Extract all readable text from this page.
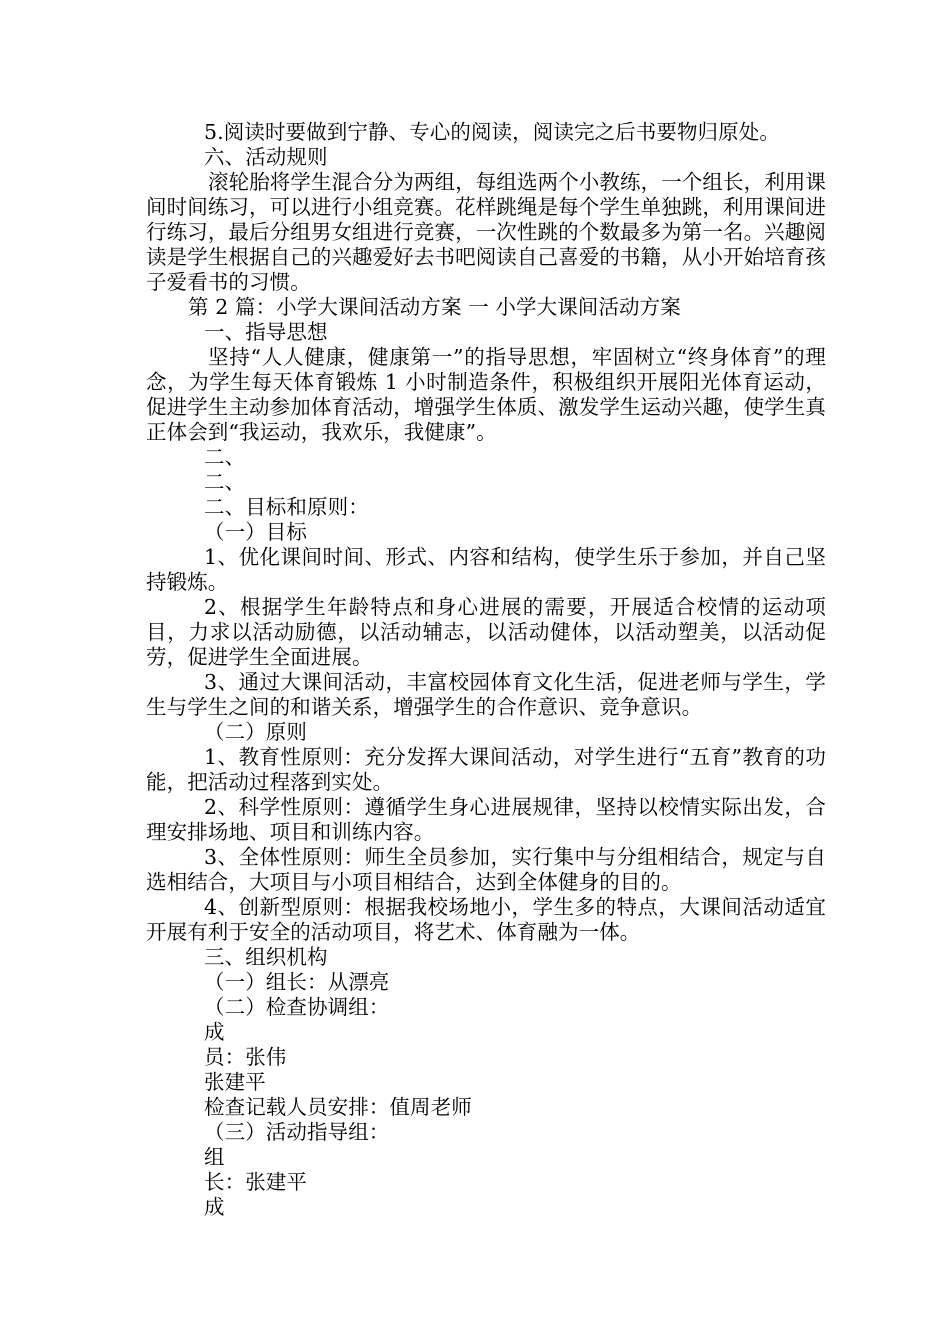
5.阅读时要做到宁静、专心的阅读，阅读完之后书要物归原处。

六、活动规则

滚轮胎将学生混合分为两组，每组选两个小教练，一个组长，利用课间时间练习，可以进行小组竞赛。花样跳绳是每个学生单独跳，利用课间进行练习，最后分组男女组进行竞赛，一次性跳的个数最多为第一名。兴趣阅读是学生根据自己的兴趣爱好去书吧阅读自己喜爱的书籍，从小开始培育孩子爱看书的习惯。

第 2 篇：小学大课间活动方案 一 小学大课间活动方案

一、指导思想

坚持“人人健康，健康第一”的指导思想，牢固树立“终身体育”的理念，为学生每天体育锻炼 1 小时制造条件，积极组织开展阳光体育运动，促进学生主动参加体育活动，增强学生体质、激发学生运动兴趣，使学生真正体会到“我运动，我欢乐，我健康”。

二、

二、

二、目标和原则：

（一）目标

1、优化课间时间、形式、内容和结构，使学生乐于参加，并自己坚持锻炼。

2、根据学生年龄特点和身心进展的需要，开展适合校情的运动项目，力求以活动励德，以活动辅志，以活动健体，以活动塑美，以活动促劳，促进学生全面进展。

3、通过大课间活动，丰富校园体育文化生活，促进老师与学生，学生与学生之间的和谐关系，增强学生的合作意识、竞争意识。

（二）原则

1、教育性原则：充分发挥大课间活动，对学生进行“五育”教育的功能，把活动过程落到实处。

2、科学性原则：遵循学生身心进展规律，坚持以校情实际出发，合理安排场地、项目和训练内容。

3、全体性原则：师生全员参加，实行集中与分组相结合，规定与自选相结合，大项目与小项目相结合，达到全体健身的目的。

4、创新型原则：根据我校场地小，学生多的特点，大课间活动适宜开展有利于安全的活动项目，将艺术、体育融为一体。

三、组织机构

（一）组长：从漂亮

（二）检查协调组：

成

员：张伟

张建平

检查记载人员安排：值周老师

（三）活动指导组：

组

长：张建平

成
